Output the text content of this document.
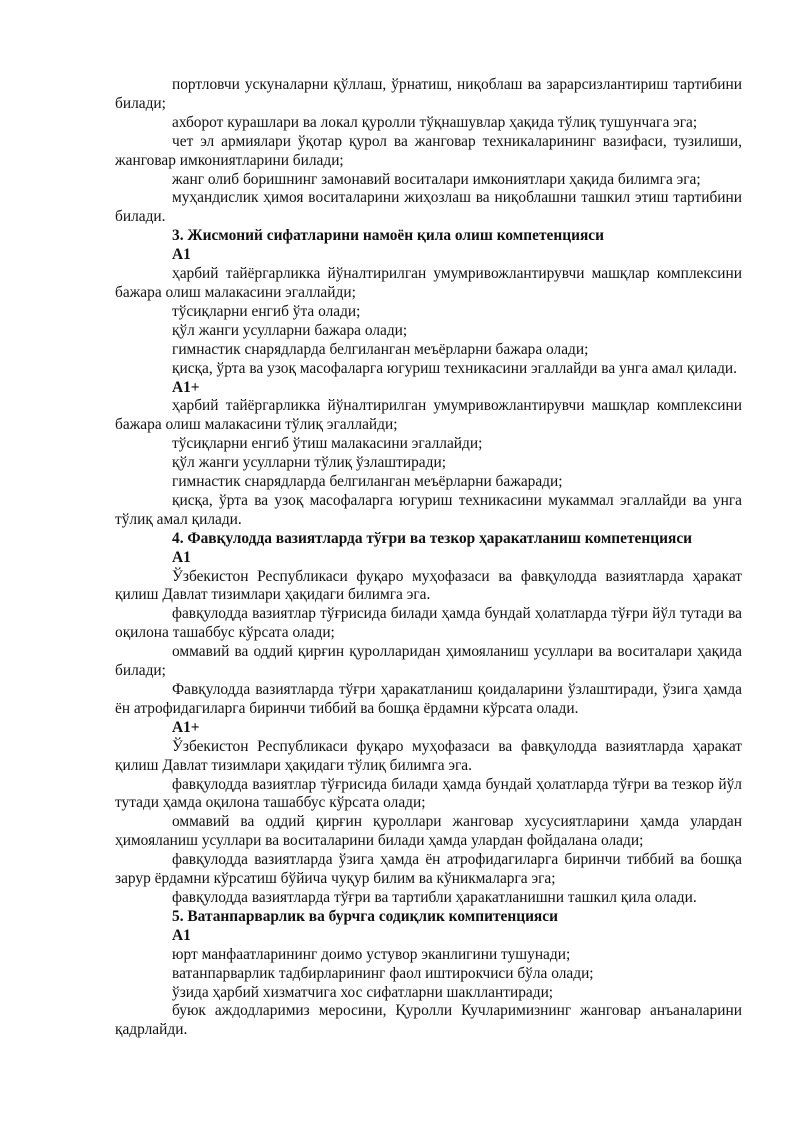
портловчи ускуналарни қўллаш, ўрнатиш, ниқоблаш ва зарарсизлантириш тартибини билади;

ахборот курашлари ва локал қуролли тўқнашувлар ҳақида тўлиқ тушунчага эга;

чет эл армиялари ўқотар қурол ва жанговар техникаларининг вазифаси, тузилиши, жанговар имкониятларини билади;

жанг олиб боришнинг замонавий воситалари имкониятлари ҳақида билимга эга;

муҳандислик ҳимоя воситаларини жиҳозлаш ва ниқоблашни ташкил этиш тартибини билади.

3. Жисмоний сифатларини намоён қила олиш компетенцияси

А1

ҳарбий тайёргарликка йўналтирилган умумривожлантирувчи машқлар комплексини бажара олиш малакасини эгаллайди;

тўсиқларни енгиб ўта олади;

қўл жанги усулларни бажара олади;

гимнастик снарядларда белгиланган меъёрларни бажара олади;

қисқа, ўрта ва узоқ масофаларга югуриш техникасини эгаллайди ва унга амал қилади.

А1+

ҳарбий тайёргарликка йўналтирилган умумривожлантирувчи машқлар комплексини бажара олиш малакасини тўлиқ эгаллайди;

тўсиқларни енгиб ўтиш малакасини эгаллайди;

қўл жанги усулларни тўлиқ ўзлаштиради;

гимнастик снарядларда белгиланган меъёрларни бажаради;

қисқа, ўрта ва узоқ масофаларга югуриш техникасини мукаммал эгаллайди ва унга тўлиқ амал қилади.

4. Фавқулодда вазиятларда тўғри ва тезкор ҳаракатланиш компетенцияси

А1

Ўзбекистон Республикаси фуқаро муҳофазаси ва фавқулодда вазиятларда ҳаракат қилиш Давлат тизимлари ҳақидаги билимга эга.

фавқулодда вазиятлар тўғрисида билади ҳамда бундай ҳолатларда тўғри йўл тутади ва оқилона ташаббус кўрсата олади;

оммавий ва оддий қирғин қуролларидан ҳимояланиш усуллари ва воситалари ҳақида билади;

Фавқулодда вазиятларда тўғри ҳаракатланиш қоидаларини ўзлаштиради, ўзига ҳамда ён атрофидагиларга биринчи тиббий ва бошқа ёрдамни кўрсата олади.

А1+

Ўзбекистон Республикаси фуқаро муҳофазаси ва фавқулодда вазиятларда ҳаракат қилиш Давлат тизимлари ҳақидаги тўлиқ билимга эга.

фавқулодда вазиятлар тўғрисида билади ҳамда бундай ҳолатларда тўғри ва тезкор йўл тутади ҳамда оқилона ташаббус кўрсата олади;

оммавий ва оддий қирғин қуроллари жанговар хусусиятларини ҳамда улардан ҳимояланиш усуллари ва воситаларини билади ҳамда улардан фойдалана олади;

фавқулодда вазиятларда ўзига ҳамда ён атрофидагиларга биринчи тиббий ва бошқа зарур ёрдамни кўрсатиш бўйича чуқур билим ва кўникмаларга эга;

фавқулодда вазиятларда тўғри ва тартибли ҳаракатланишни ташкил қила олади.

5. Ватанпарварлик ва бурчга содиқлик компитенцияси

А1

юрт манфаатларининг доимо устувор эканлигини тушунади;

ватанпарварлик тадбирларининг фаол иштирокчиси бўла олади;

ўзида ҳарбий хизматчига хос сифатларни шакллантиради;

буюк аждодларимиз меросини, Қуролли Кучларимизнинг жанговар анъаналарини қадрлайди.
